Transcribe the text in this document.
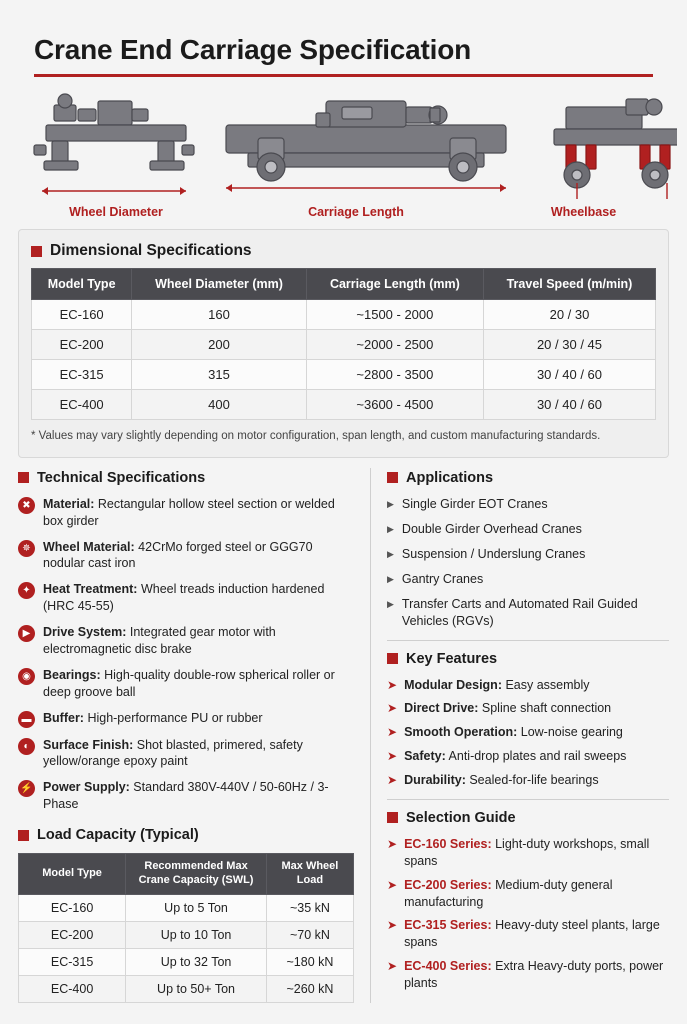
Crane End Carriage Specification
Wheel Diameter	Carriage Length	Wheelbase
Dimensional Specifications
Model Type	Wheel Diameter (mm)	Carriage Length (mm)	Travel Speed (m/min)
EC-160	160	~1500 - 2000	20 / 30
EC-200	200	~2000 - 2500	20 / 30 / 45
EC-315	315	~2800 - 3500	30 / 40 / 60
EC-400	400	~3600 - 4500	30 / 40 / 60
* Values may vary slightly depending on motor configuration, span length, and custom manufacturing standards.
Technical Specifications
✖ Material: Rectangular hollow steel section or welded box girder
✵ Wheel Material: 42CrMo forged steel or GGG70 nodular cast iron
✦ Heat Treatment: Wheel treads induction hardened (HRC 45-55)
▶	Drive System: Integrated gear motor with electromagnetic disc brake
◉ Bearings: High-quality double-row spherical roller or deep groove ball
▬ Buffer: High-performance PU or rubber
◐	Surface Finish: Shot blasted, primered, safety yellow/orange epoxy paint
⚡ Power Supply: Standard 380V-440V / 50-60Hz / 3-Phase
Load Capacity (Typical)
Model Type	Recommended Max Crane Capacity (SWL)	Max Wheel Load
EC-160	Up to 5 Ton	~35 kN
EC-200	Up to 10 Ton	~70 kN
EC-315	Up to 32 Ton	~180 kN
EC-400	Up to 50+ Ton	~260 kN
Applications
▶ Single Girder EOT Cranes
▶ Double Girder Overhead Cranes
▶ Suspension / Underslung Cranes
▶ Gantry Cranes
▶ Transfer Carts and Automated Rail Guided Vehicles (RGVs)
Key Features
➤ Modular Design: Easy assembly
➤ Direct Drive: Spline shaft connection
➤ Smooth Operation: Low-noise gearing
➤ Safety: Anti-drop plates and rail sweeps
➤ Durability: Sealed-for-life bearings
Selection Guide
➤ EC-160 Series: Light-duty workshops, small spans
➤ EC-200 Series: Medium-duty general manufacturing
➤ EC-315 Series: Heavy-duty steel plants, large spans
➤ EC-400 Series: Extra Heavy-duty ports, power plants
